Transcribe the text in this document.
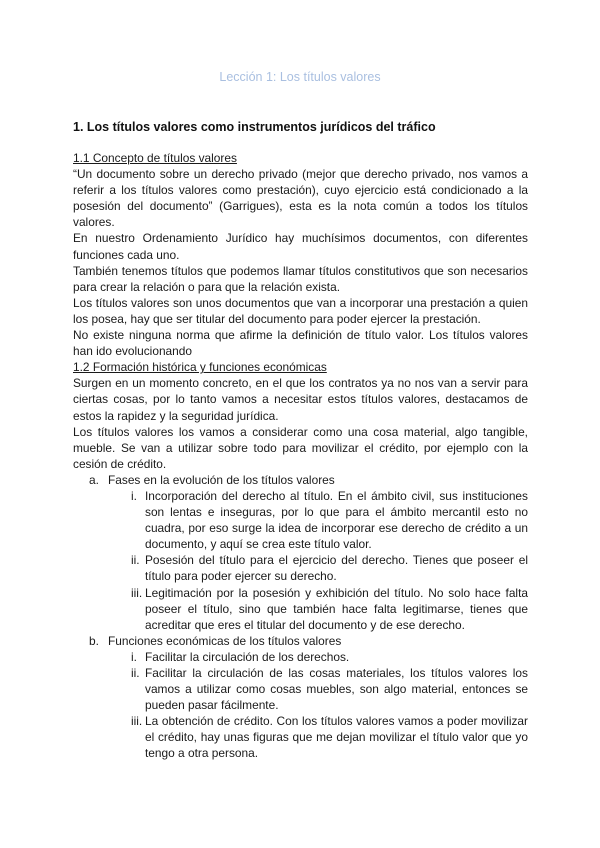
Lección 1: Los títulos valores
1. Los títulos valores como instrumentos jurídicos del tráfico

1.1 Concepto de títulos valores

“Un documento sobre un derecho privado (mejor que derecho privado, nos vamos a referir a los títulos valores como prestación), cuyo ejercicio está condicionado a la posesión del documento” (Garrigues), esta es la nota común a todos los títulos valores.

En nuestro Ordenamiento Jurídico hay muchísimos documentos, con diferentes funciones cada uno.

También tenemos títulos que podemos llamar títulos constitutivos que son necesarios para crear la relación o para que la relación exista.

Los títulos valores son unos documentos que van a incorporar una prestación a quien los posea, hay que ser titular del documento para poder ejercer la prestación.

No existe ninguna norma que afirme la definición de título valor. Los títulos valores han ido evolucionando

1.2 Formación histórica y funciones económicas

Surgen en un momento concreto, en el que los contratos ya no nos van a servir para ciertas cosas, por lo tanto vamos a necesitar estos títulos valores, destacamos de estos la rapidez y la seguridad jurídica.

Los títulos valores los vamos a considerar como una cosa material, algo tangible, mueble. Se van a utilizar sobre todo para movilizar el crédito, por ejemplo con la cesión de crédito.

a. Fases en la evolución de los títulos valores
i. Incorporación del derecho al título. En el ámbito civil, sus instituciones son lentas e inseguras, por lo que para el ámbito mercantil esto no cuadra, por eso surge la idea de incorporar ese derecho de crédito a un documento, y aquí se crea este título valor.
ii. Posesión del título para el ejercicio del derecho. Tienes que poseer el título para poder ejercer su derecho.
iii. Legitimación por la posesión y exhibición del título. No solo hace falta poseer el título, sino que también hace falta legitimarse, tienes que acreditar que eres el titular del documento y de ese derecho.
b. Funciones económicas de los títulos valores
i. Facilitar la circulación de los derechos.
ii. Facilitar la circulación de las cosas materiales, los títulos valores los vamos a utilizar como cosas muebles, son algo material, entonces se pueden pasar fácilmente.
iii. La obtención de crédito. Con los títulos valores vamos a poder movilizar el crédito, hay unas figuras que me dejan movilizar el título valor que yo tengo a otra persona.
